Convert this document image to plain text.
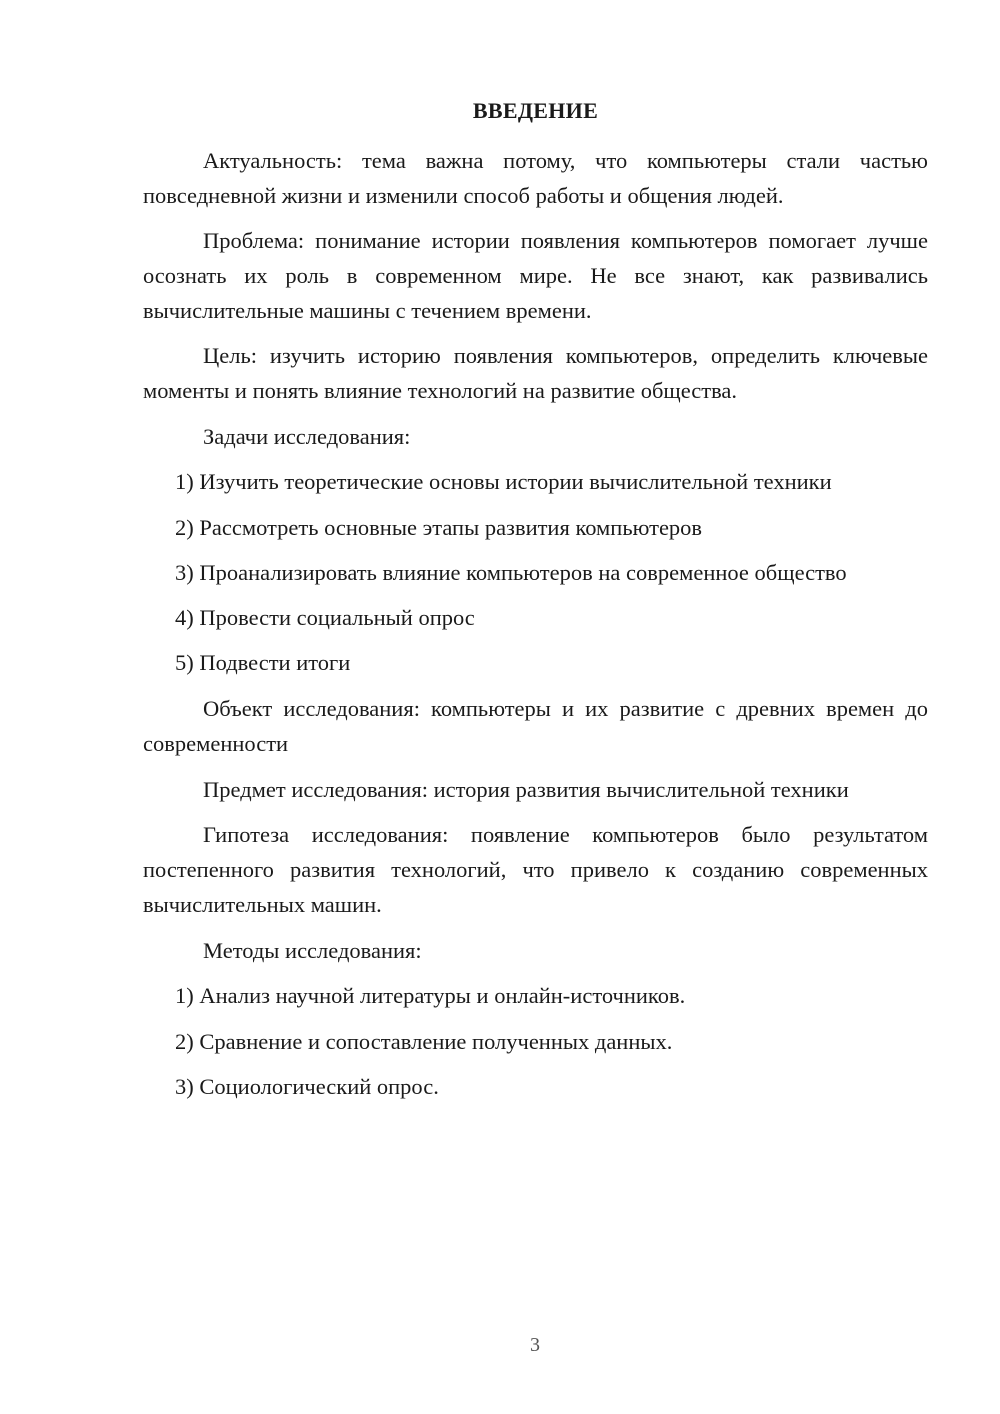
ВВЕДЕНИЕ
Актуальность: тема важна потому, что компьютеры стали частью повседневной жизни и изменили способ работы и общения людей.
Проблема: понимание истории появления компьютеров помогает лучше осознать их роль в современном мире. Не все знают, как развивались вычислительные машины с течением времени.
Цель: изучить историю появления компьютеров, определить ключевые моменты и понять влияние технологий на развитие общества.
Задачи исследования:
1) Изучить теоретические основы истории вычислительной техники
2) Рассмотреть основные этапы развития компьютеров
3) Проанализировать влияние компьютеров на современное общество
4) Провести социальный опрос
5) Подвести итоги
Объект исследования: компьютеры и их развитие с древних времен до современности
Предмет исследования: история развития вычислительной техники
Гипотеза исследования: появление компьютеров было результатом постепенного развития технологий, что привело к созданию современных вычислительных машин.
Методы исследования:
1) Анализ научной литературы и онлайн-источников.
2) Сравнение и сопоставление полученных данных.
3) Социологический опрос.
3
